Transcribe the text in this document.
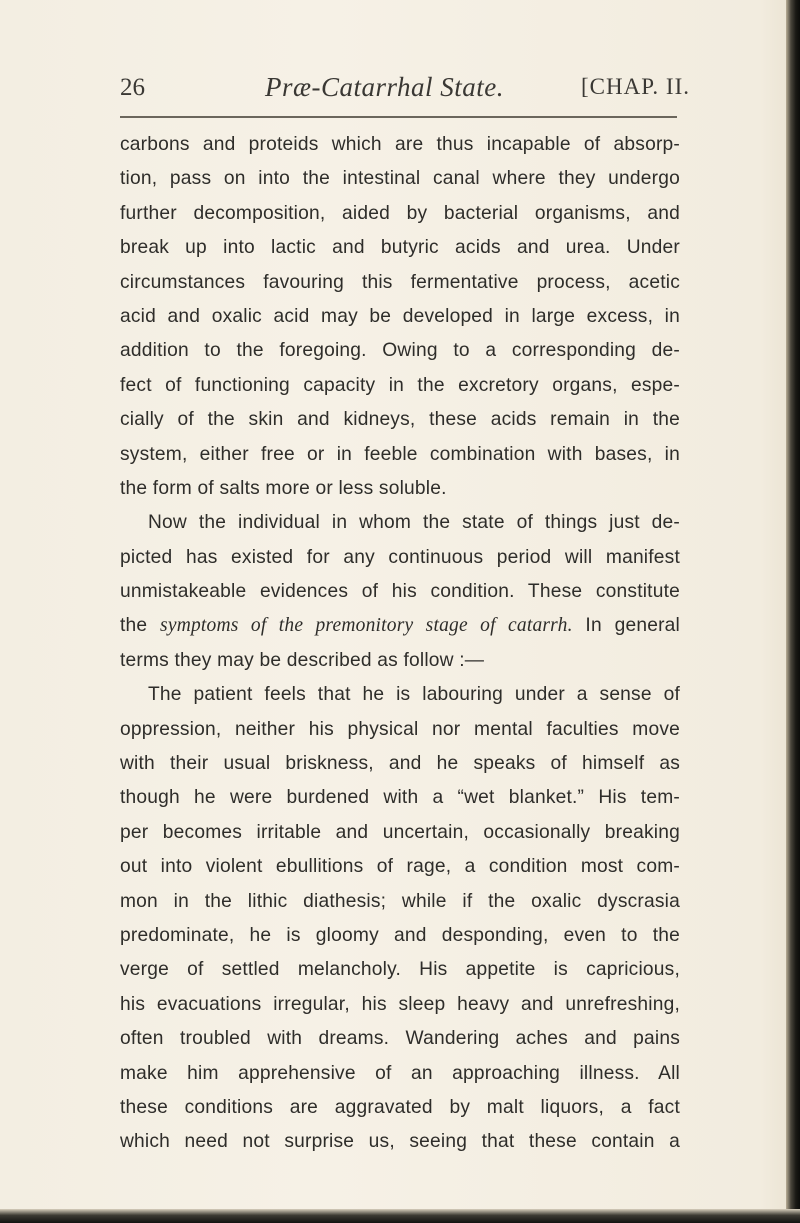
26	Præ-Catarrhal State.	[CHAP. II.
carbons and proteids which are thus incapable of absorp-
tion, pass on into the intestinal canal where they undergo
further decomposition, aided by bacterial organisms, and
break up into lactic and butyric acids and urea. Under
circumstances favouring this fermentative process, acetic
acid and oxalic acid may be developed in large excess, in
addition to the foregoing. Owing to a corresponding de-
fect of functioning capacity in the excretory organs, espe-
cially of the skin and kidneys, these acids remain in the
system, either free or in feeble combination with bases, in
the form of salts more or less soluble.
Now the individual in whom the state of things just de-
picted has existed for any continuous period will manifest
unmistakeable evidences of his condition. These constitute
the symptoms of the premonitory stage of catarrh. In general
terms they may be described as follow :—
The patient feels that he is labouring under a sense of
oppression, neither his physical nor mental faculties move
with their usual briskness, and he speaks of himself as
though he were burdened with a “wet blanket.” His tem-
per becomes irritable and uncertain, occasionally breaking
out into violent ebullitions of rage, a condition most com-
mon in the lithic diathesis; while if the oxalic dyscrasia
predominate, he is gloomy and desponding, even to the
verge of settled melancholy. His appetite is capricious,
his evacuations irregular, his sleep heavy and unrefreshing,
often troubled with dreams. Wandering aches and pains
make him apprehensive of an approaching illness. All
these conditions are aggravated by malt liquors, a fact
which need not surprise us, seeing that these contain a
